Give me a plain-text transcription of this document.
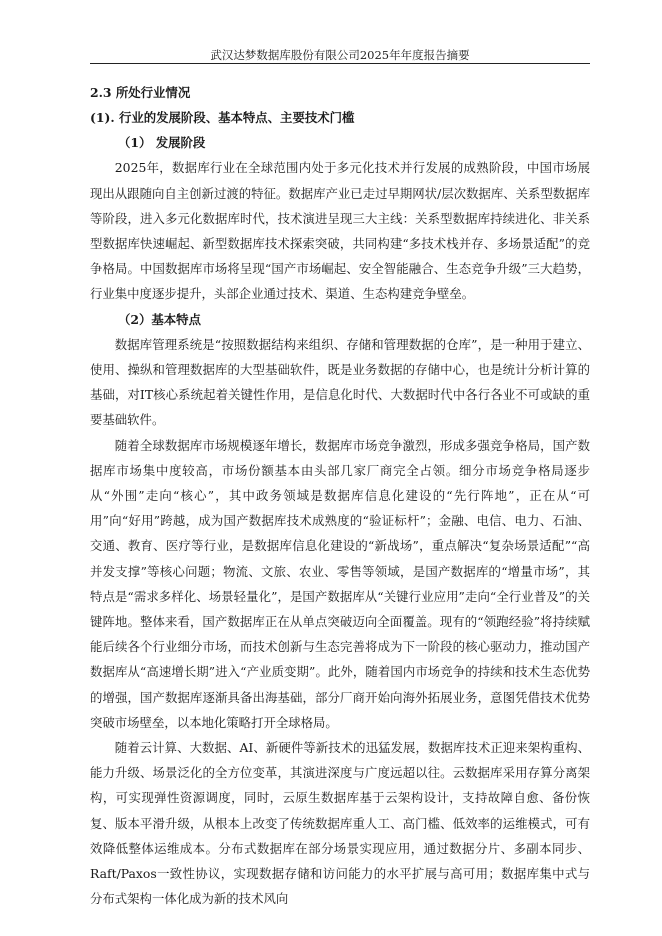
武汉达梦数据库股份有限公司2025年年度报告摘要
2.3 所处行业情况
(1). 行业的发展阶段、基本特点、主要技术门槛
（1） 发展阶段

2025年，数据库行业在全球范围内处于多元化技术并行发展的成熟阶段，中国市场展现出从跟随向自主创新过渡的特征。数据库产业已走过早期网状/层次数据库、关系型数据库等阶段，进入多元化数据库时代，技术演进呈现三大主线：关系型数据库持续进化、非关系型数据库快速崛起、新型数据库技术探索突破，共同构建“多技术栈并存、多场景适配”的竞争格局。中国数据库市场将呈现“国产市场崛起、安全智能融合、生态竞争升级”三大趋势，行业集中度逐步提升，头部企业通过技术、渠道、生态构建竞争壁垒。

（2）基本特点

数据库管理系统是“按照数据结构来组织、存储和管理数据的仓库”，是一种用于建立、使用、操纵和管理数据库的大型基础软件，既是业务数据的存储中心，也是统计分析计算的基础，对IT核心系统起着关键性作用，是信息化时代、大数据时代中各行各业不可或缺的重要基础软件。

随着全球数据库市场规模逐年增长，数据库市场竞争激烈，形成多强竞争格局，国产数据库市场集中度较高，市场份额基本由头部几家厂商完全占领。细分市场竞争格局逐步从“外围”走向“核心”，其中政务领域是数据库信息化建设的“先行阵地”，正在从“可用”向“好用”跨越，成为国产数据库技术成熟度的“验证标杆”；金融、电信、电力、石油、交通、教育、医疗等行业，是数据库信息化建设的“新战场”，重点解决“复杂场景适配”“高并发支撑”等核心问题；物流、文旅、农业、零售等领域，是国产数据库的“增量市场”，其特点是“需求多样化、场景轻量化”，是国产数据库从“关键行业应用”走向“全行业普及”的关键阵地。整体来看，国产数据库正在从单点突破迈向全面覆盖。现有的“领跑经验”将持续赋能后续各个行业细分市场，而技术创新与生态完善将成为下一阶段的核心驱动力，推动国产数据库从“高速增长期”进入“产业质变期”。此外，随着国内市场竞争的持续和技术生态优势的增强，国产数据库逐渐具备出海基础，部分厂商开始向海外拓展业务，意图凭借技术优势突破市场壁垒，以本地化策略打开全球格局。

随着云计算、大数据、AI、新硬件等新技术的迅猛发展，数据库技术正迎来架构重构、能力升级、场景泛化的全方位变革，其演进深度与广度远超以往。云数据库采用存算分离架构，可实现弹性资源调度，同时，云原生数据库基于云架构设计，支持故障自愈、备份恢复、版本平滑升级，从根本上改变了传统数据库重人工、高门槛、低效率的运维模式，可有效降低整体运维成本。分布式数据库在部分场景实现应用，通过数据分片、多副本同步、Raft/Paxos一致性协议，实现数据存储和访问能力的水平扩展与高可用；数据库集中式与分布式架构一体化成为新的技术风向
